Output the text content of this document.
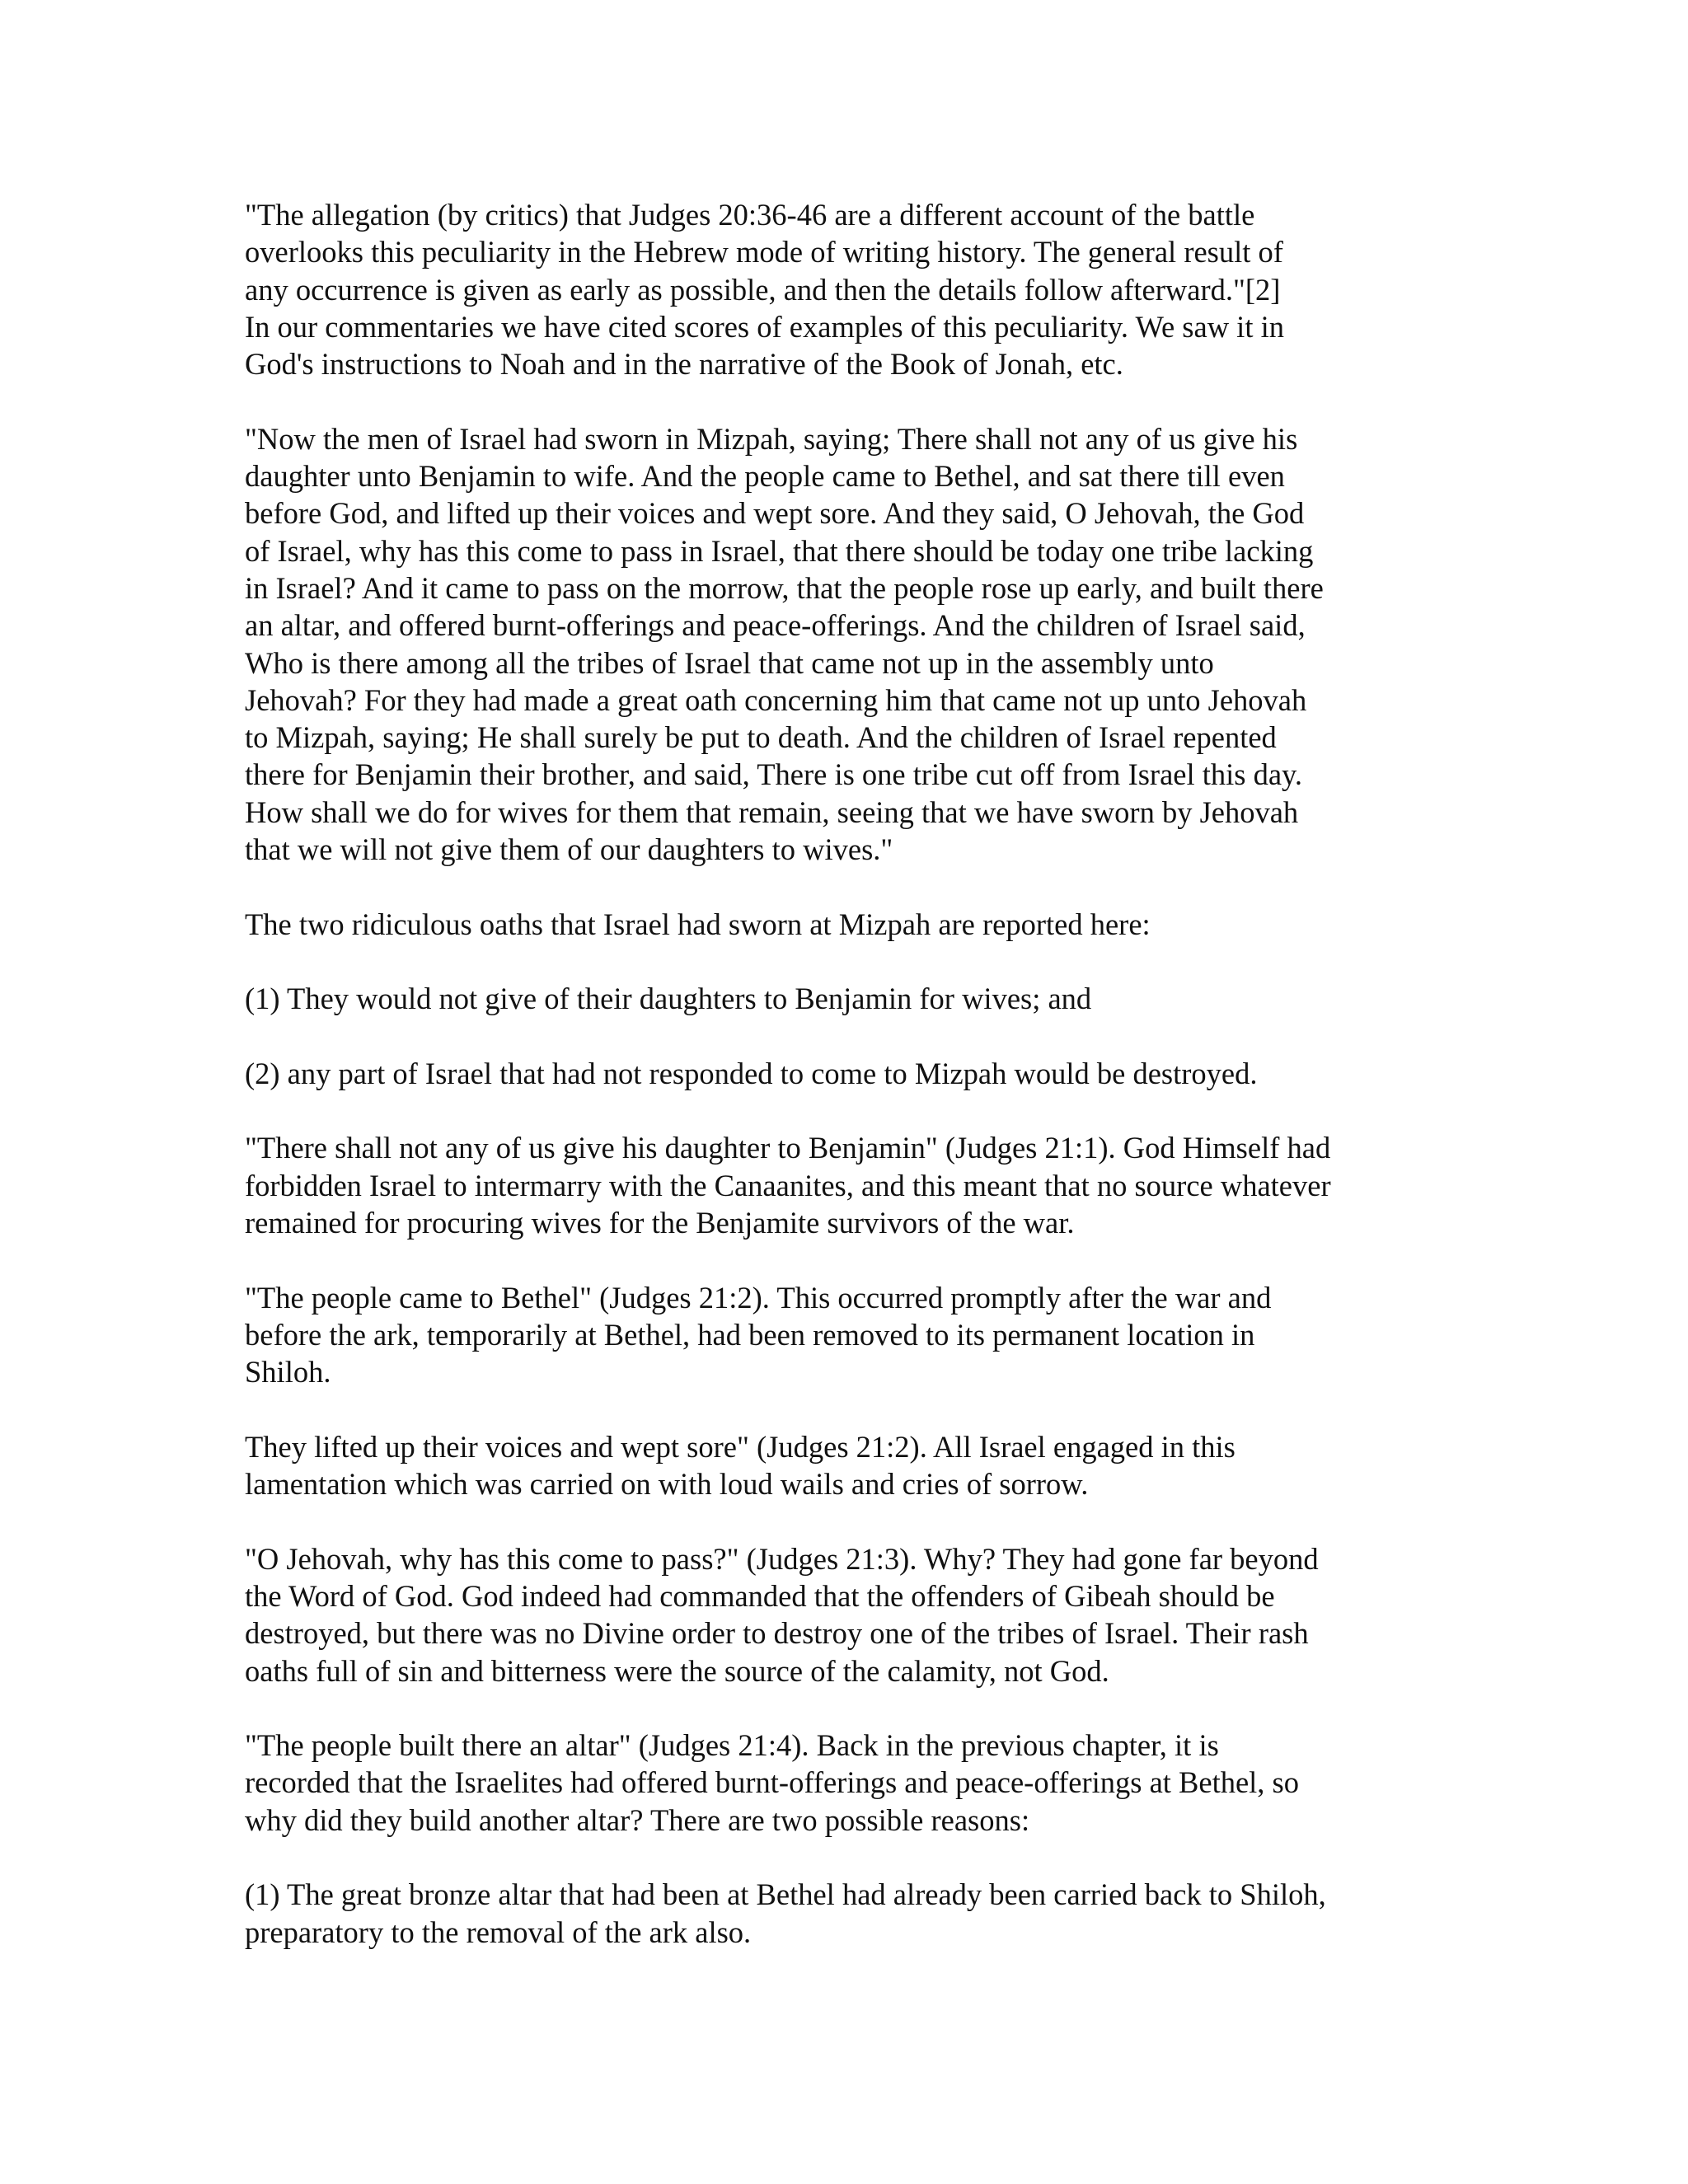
"The allegation (by critics) that Judges 20:36-46 are a different account of the battle
overlooks this peculiarity in the Hebrew mode of writing history. The general result of
any occurrence is given as early as possible, and then the details follow afterward."[2]
In our commentaries we have cited scores of examples of this peculiarity. We saw it in
God's instructions to Noah and in the narrative of the Book of Jonah, etc.

"Now the men of Israel had sworn in Mizpah, saying; There shall not any of us give his
daughter unto Benjamin to wife. And the people came to Bethel, and sat there till even
before God, and lifted up their voices and wept sore. And they said, O Jehovah, the God
of Israel, why has this come to pass in Israel, that there should be today one tribe lacking
in Israel? And it came to pass on the morrow, that the people rose up early, and built there
an altar, and offered burnt-offerings and peace-offerings. And the children of Israel said,
Who is there among all the tribes of Israel that came not up in the assembly unto
Jehovah? For they had made a great oath concerning him that came not up unto Jehovah
to Mizpah, saying; He shall surely be put to death. And the children of Israel repented
there for Benjamin their brother, and said, There is one tribe cut off from Israel this day.
How shall we do for wives for them that remain, seeing that we have sworn by Jehovah
that we will not give them of our daughters to wives."

The two ridiculous oaths that Israel had sworn at Mizpah are reported here:

(1) They would not give of their daughters to Benjamin for wives; and

(2) any part of Israel that had not responded to come to Mizpah would be destroyed.

"There shall not any of us give his daughter to Benjamin" (Judges 21:1). God Himself had
forbidden Israel to intermarry with the Canaanites, and this meant that no source whatever
remained for procuring wives for the Benjamite survivors of the war.

"The people came to Bethel" (Judges 21:2). This occurred promptly after the war and
before the ark, temporarily at Bethel, had been removed to its permanent location in
Shiloh.

They lifted up their voices and wept sore" (Judges 21:2). All Israel engaged in this
lamentation which was carried on with loud wails and cries of sorrow.

"O Jehovah, why has this come to pass?" (Judges 21:3). Why? They had gone far beyond
the Word of God. God indeed had commanded that the offenders of Gibeah should be
destroyed, but there was no Divine order to destroy one of the tribes of Israel. Their rash
oaths full of sin and bitterness were the source of the calamity, not God.

"The people built there an altar" (Judges 21:4). Back in the previous chapter, it is
recorded that the Israelites had offered burnt-offerings and peace-offerings at Bethel, so
why did they build another altar? There are two possible reasons:

(1) The great bronze altar that had been at Bethel had already been carried back to Shiloh,
preparatory to the removal of the ark also.
